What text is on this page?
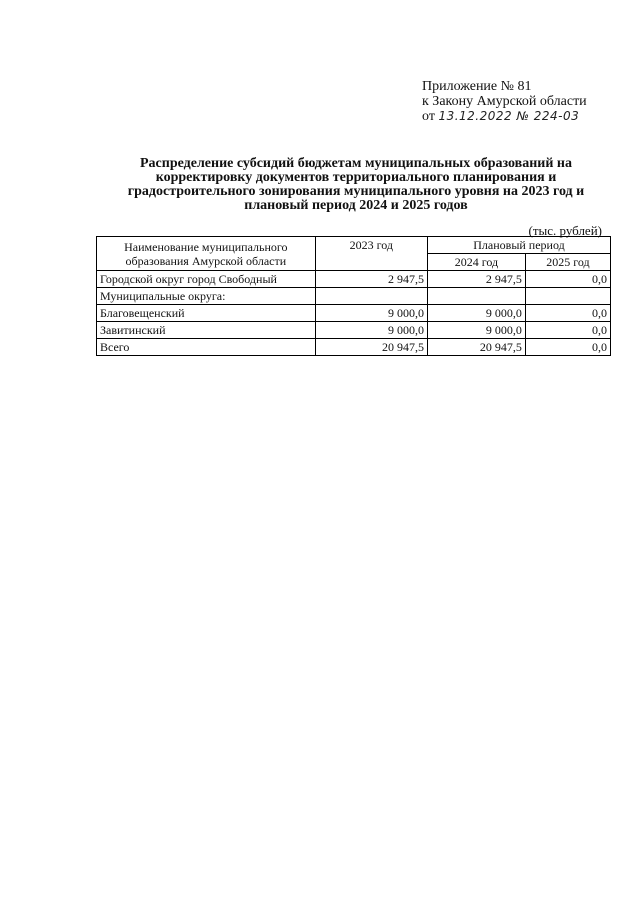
Приложение № 81
к Закону Амурской области
от 13.12.2022 № 224-03
Распределение субсидий бюджетам муниципальных образований на корректировку документов территориального планирования и градостроительного зонирования муниципального уровня на 2023 год и плановый период 2024 и 2025 годов
(тыс. рублей)
Наименование муниципального образования Амурской области	2023 год	Плановый период	
		2024 год	2025 год
Городской округ город Свободный	2 947,5	2 947,5	0,0
Муниципальные округа:			
Благовещенский	9 000,0	9 000,0	0,0
Завитинский	9 000,0	9 000,0	0,0
Всего	20 947,5	20 947,5	0,0
